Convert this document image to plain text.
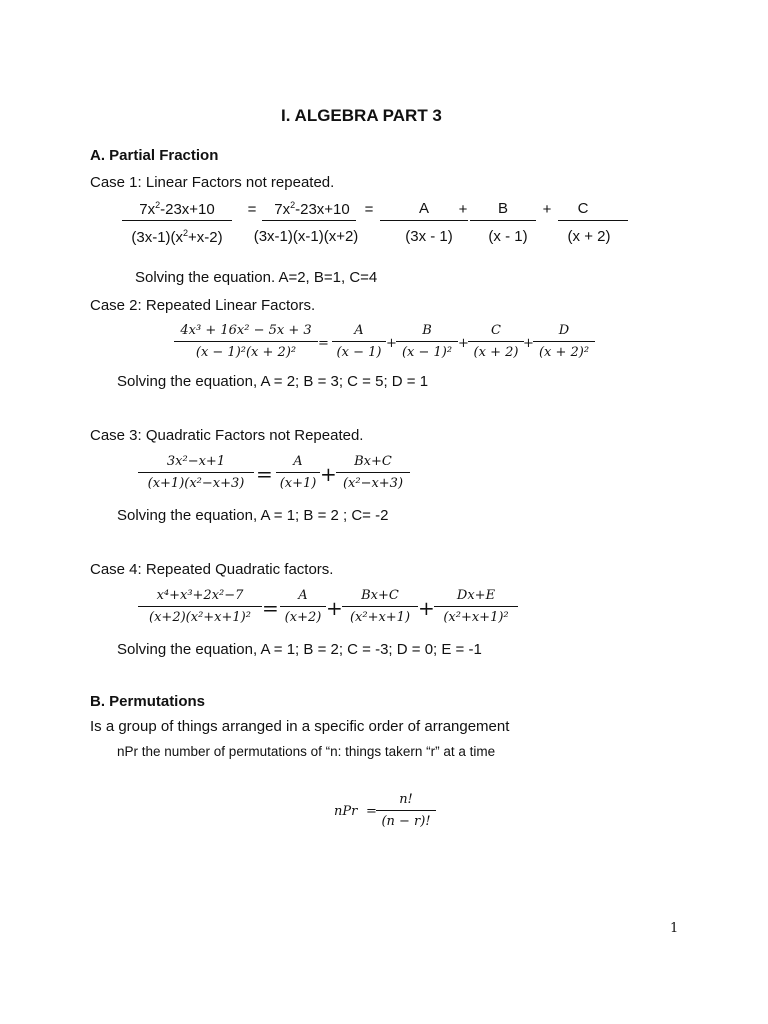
I. ALGEBRA PART 3
A. Partial Fraction
Case 1: Linear Factors not repeated.
$7x^2-23x+10$
$(3x-1)(x^2+x-2)$
=	$7x^2-23x+10$
(3x-1)(x-1)(x+2)
=	A
(3x - 1)
+	B
(x - 1)
+	C
(x + 2)
Solving the equation. A=2, B=1, C=4
Case 2: Repeated Linear Factors.
$\frac{\text{4x³ + 16x² − 5x + 3}}{\text{(x − 1)²(x + 2)²}} = \frac{A}{(x - 1)} + \frac{B}{\text{(x − 1)²}} + \frac{C}{(x + 2)} + \frac{D}{\text{(x + 2)²}}$
Solving the equation, A = 2; B = 3; C = 5; D = 1
Case 3: Quadratic Factors not Repeated.
$\frac{\text{3x²−x+1}}{\text{(x+1)(x²−x+3)}} = \frac{A}{(x+1)} + \frac{Bx+C}{\text{(x²−x+3)}}$
Solving the equation, A = 1; B = 2 ; C= -2
Case 4: Repeated Quadratic factors.
$\frac{\text{x⁴+x³+2x²−7}}{\text{(x+2)(x²+x+1)²}} = \frac{A}{(x+2)} + \frac{Bx+C}{\text{(x²+x+1)}} + \frac{Dx+E}{\text{(x²+x+1)²}}$
Solving the equation, A = 1; B = 2; C = -3; D = 0; E = -1
B. Permutations
Is a group of things arranged in a specific order of arrangement
nPr the number of permutations of “n: things takern “r” at a time
nPr = $\frac{n!}{(n - r)!}$
1
